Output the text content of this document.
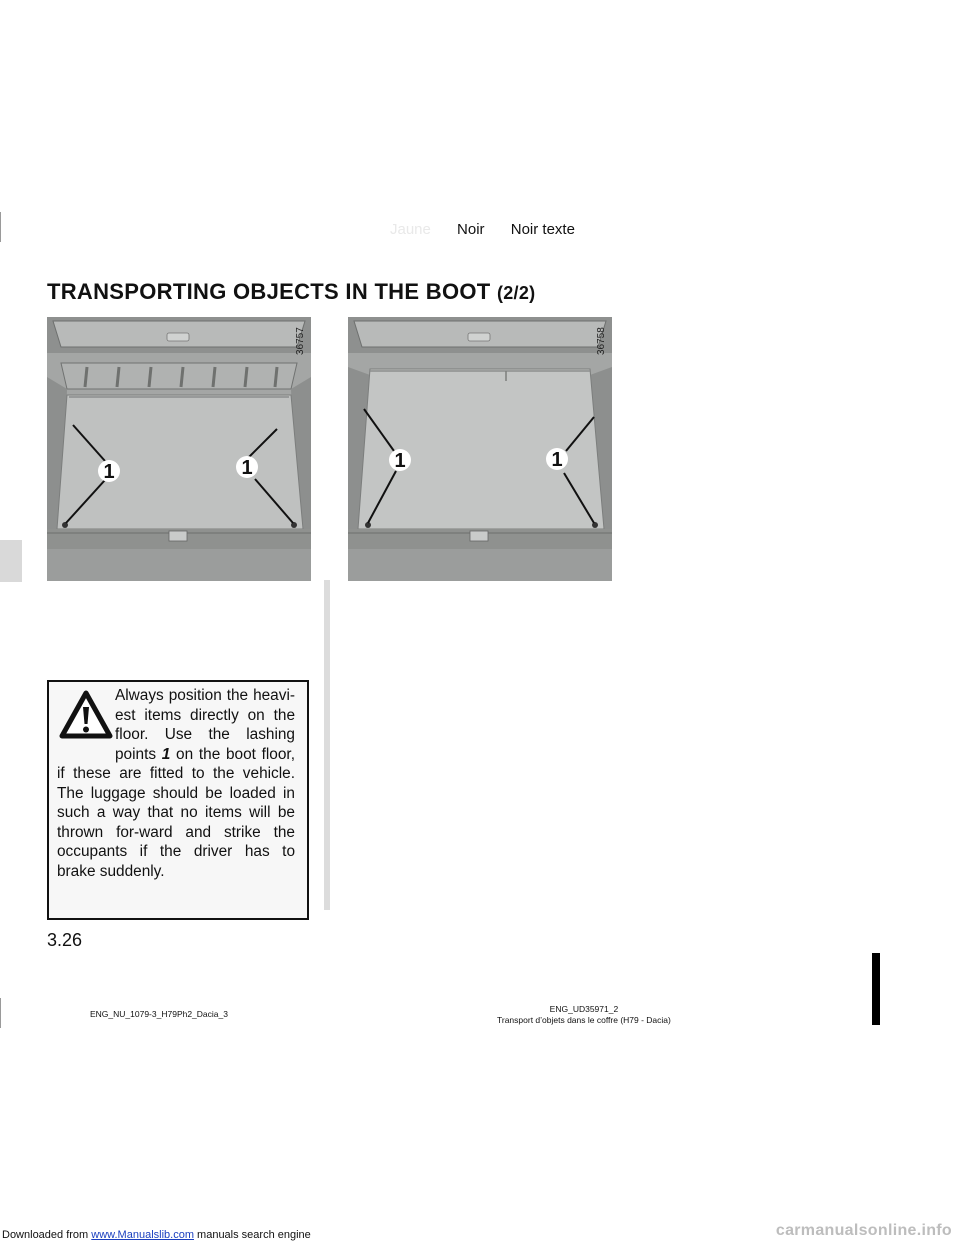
Jaune Noir Noir texte
TRANSPORTING OBJECTS IN THE BOOT (2/2)
1	1
36757
1	1
36758
Always position the heavi-est items directly on the floor. Use the lashing points 1 on the boot floor, if these are fitted to the vehicle. The luggage should be loaded in such a way that no items will be thrown for-ward and strike the occupants if the driver has to brake suddenly.
3.26
ENG_NU_1079-3_H79Ph2_Dacia_3	ENG_UD35971_2
Transport d’objets dans le coffre (H79 - Dacia)
Downloaded from www.Manualslib.com manuals search engine	carmanualsonline.info
